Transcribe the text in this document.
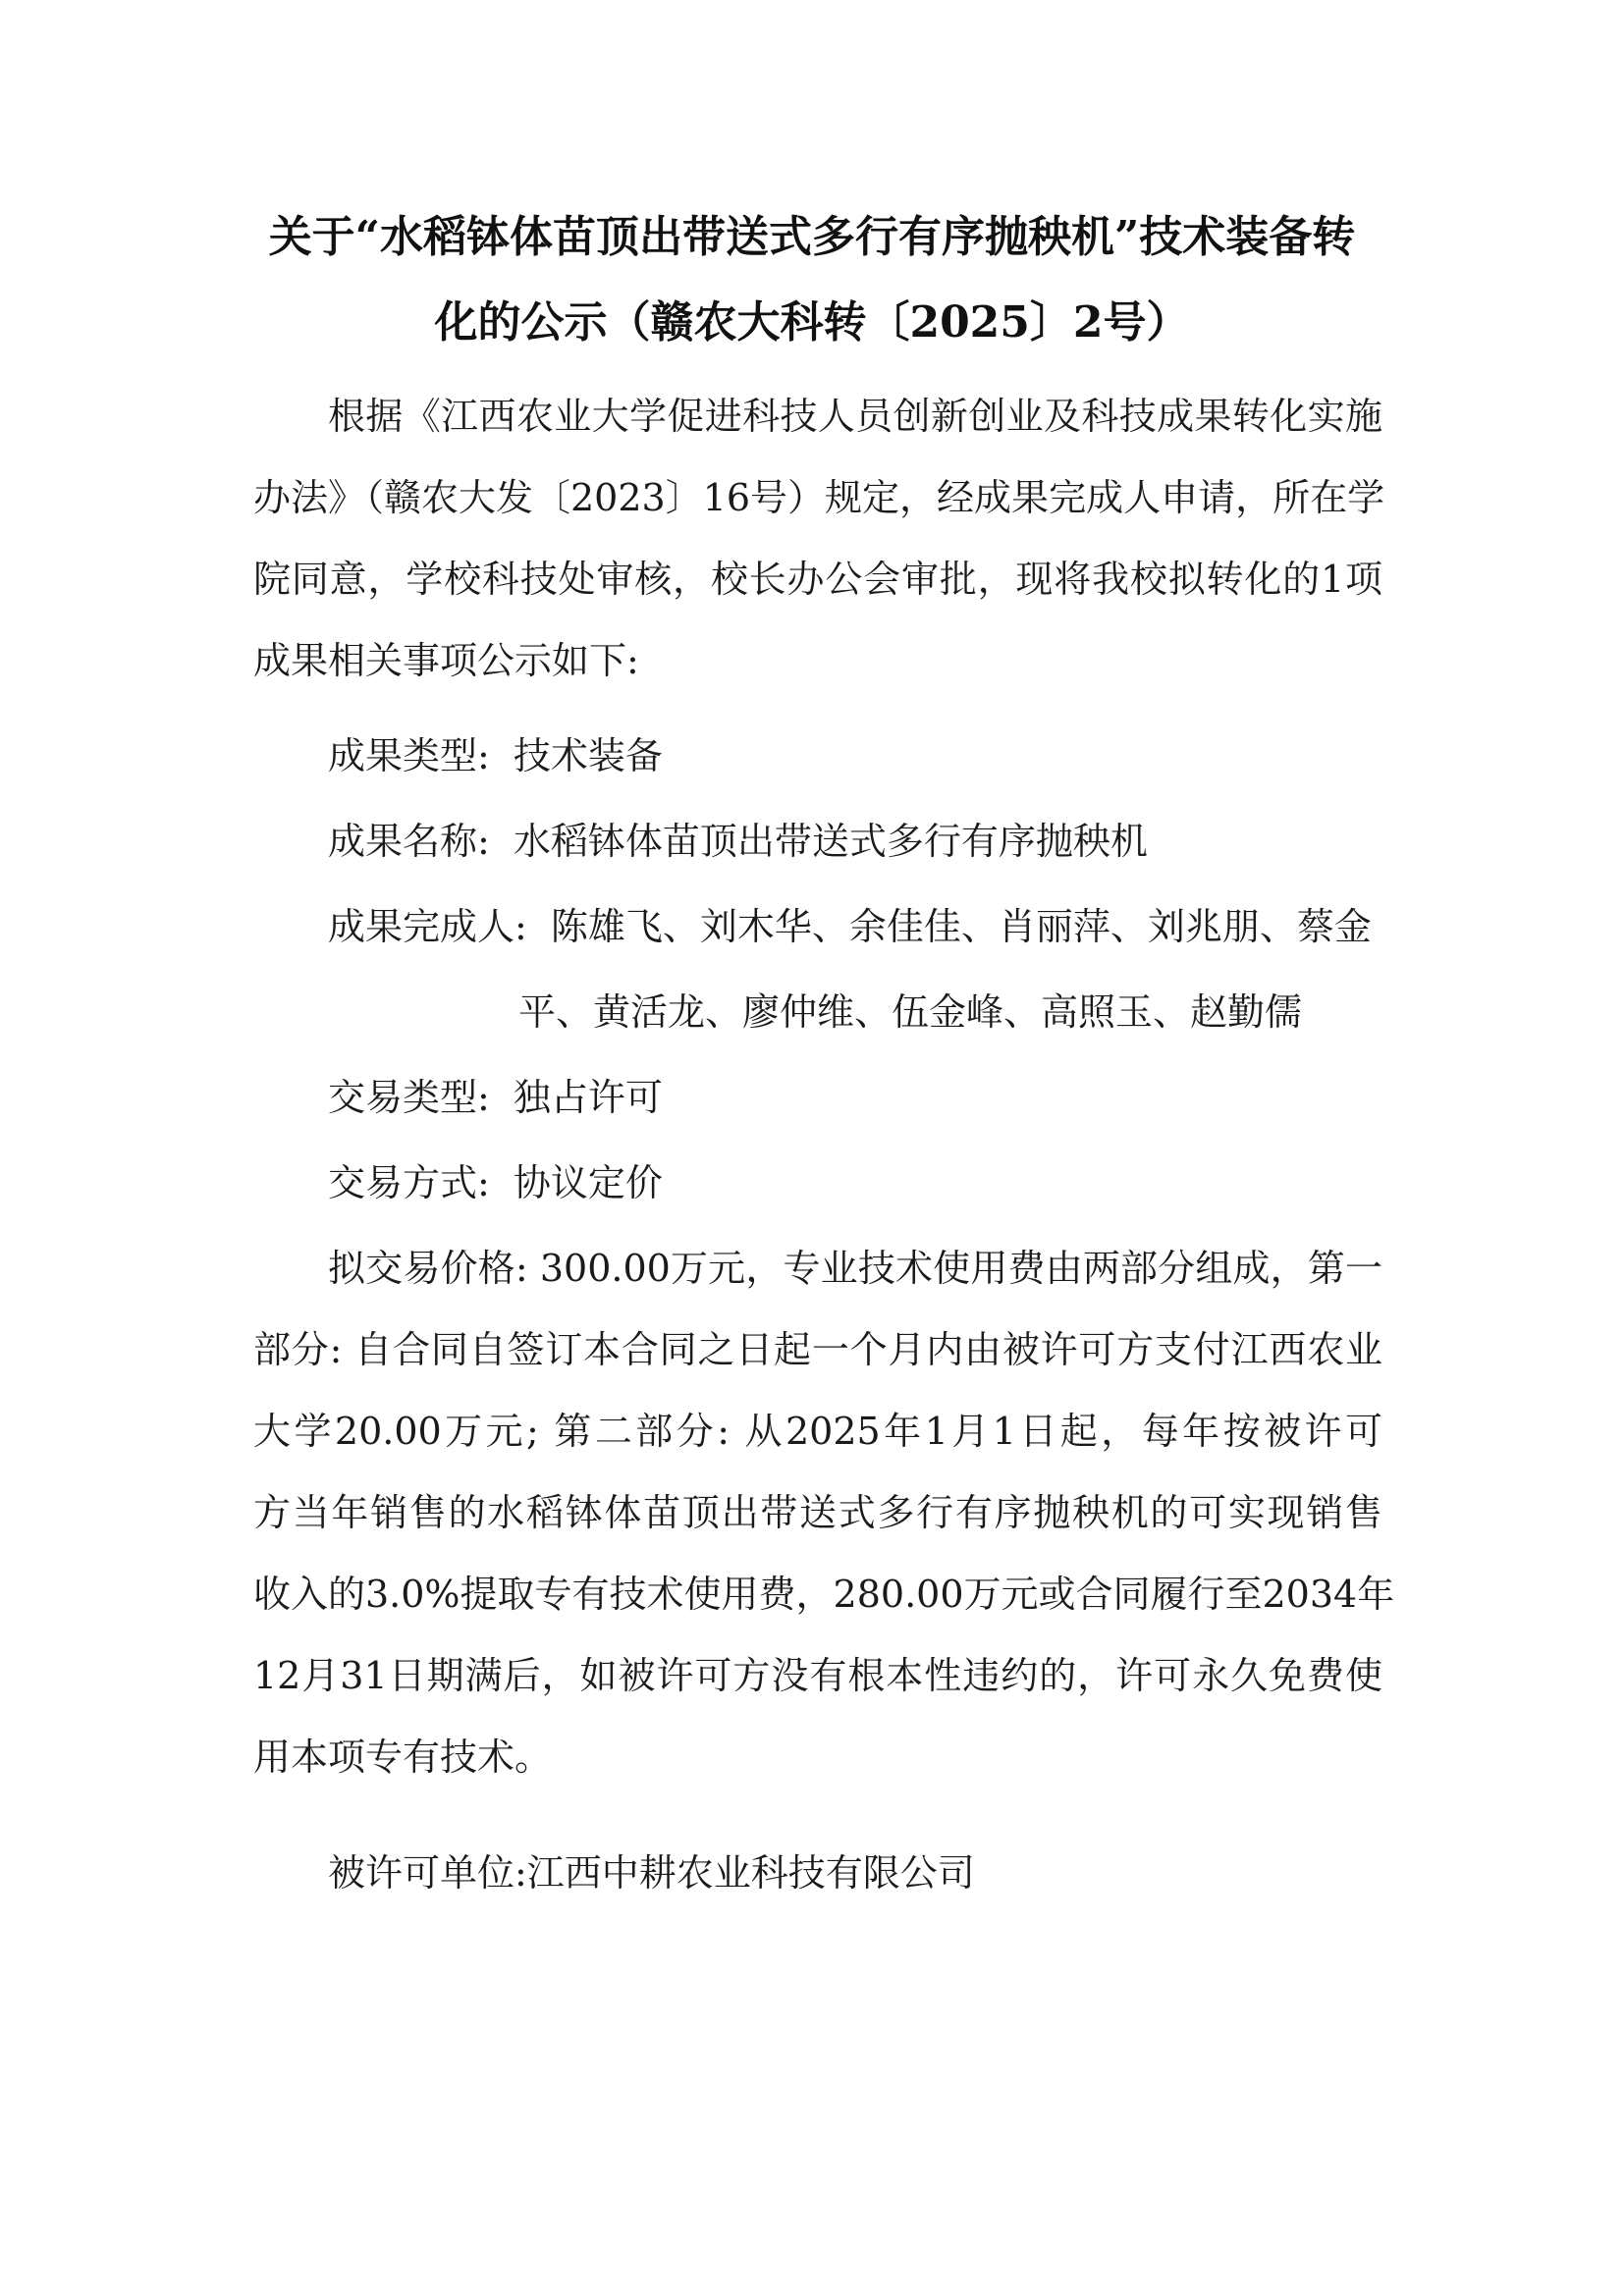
关于“水稻钵体苗顶出带送式多行有序抛秧机”技术装备转
化的公示（赣农大科转〔2025〕2号）
根据《江西农业大学促进科技人员创新创业及科技成果转化实施
办法》（赣农大发〔2023〕16号）规定，经成果完成人申请，所在学
院同意，学校科技处审核，校长办公会审批，现将我校拟转化的1项
成果相关事项公示如下:
成果类型: 技术装备
成果名称: 水稻钵体苗顶出带送式多行有序抛秧机
成果完成人: 陈雄飞、刘木华、余佳佳、肖丽萍、刘兆朋、蔡金
平、黄活龙、廖仲维、伍金峰、高照玉、赵勤儒
交易类型: 独占许可
交易方式: 协议定价
拟交易价格: 300.00万元，专业技术使用费由两部分组成，第一
部分: 自合同自签订本合同之日起一个月内由被许可方支付江西农业
大学20.00万元; 第二部分: 从2025年1月1日起，每年按被许可
方当年销售的水稻钵体苗顶出带送式多行有序抛秧机的可实现销售
收入的3.0%提取专有技术使用费，280.00万元或合同履行至2034年
12月31日期满后，如被许可方没有根本性违约的，许可永久免费使
用本项专有技术。
被许可单位:江西中耕农业科技有限公司
